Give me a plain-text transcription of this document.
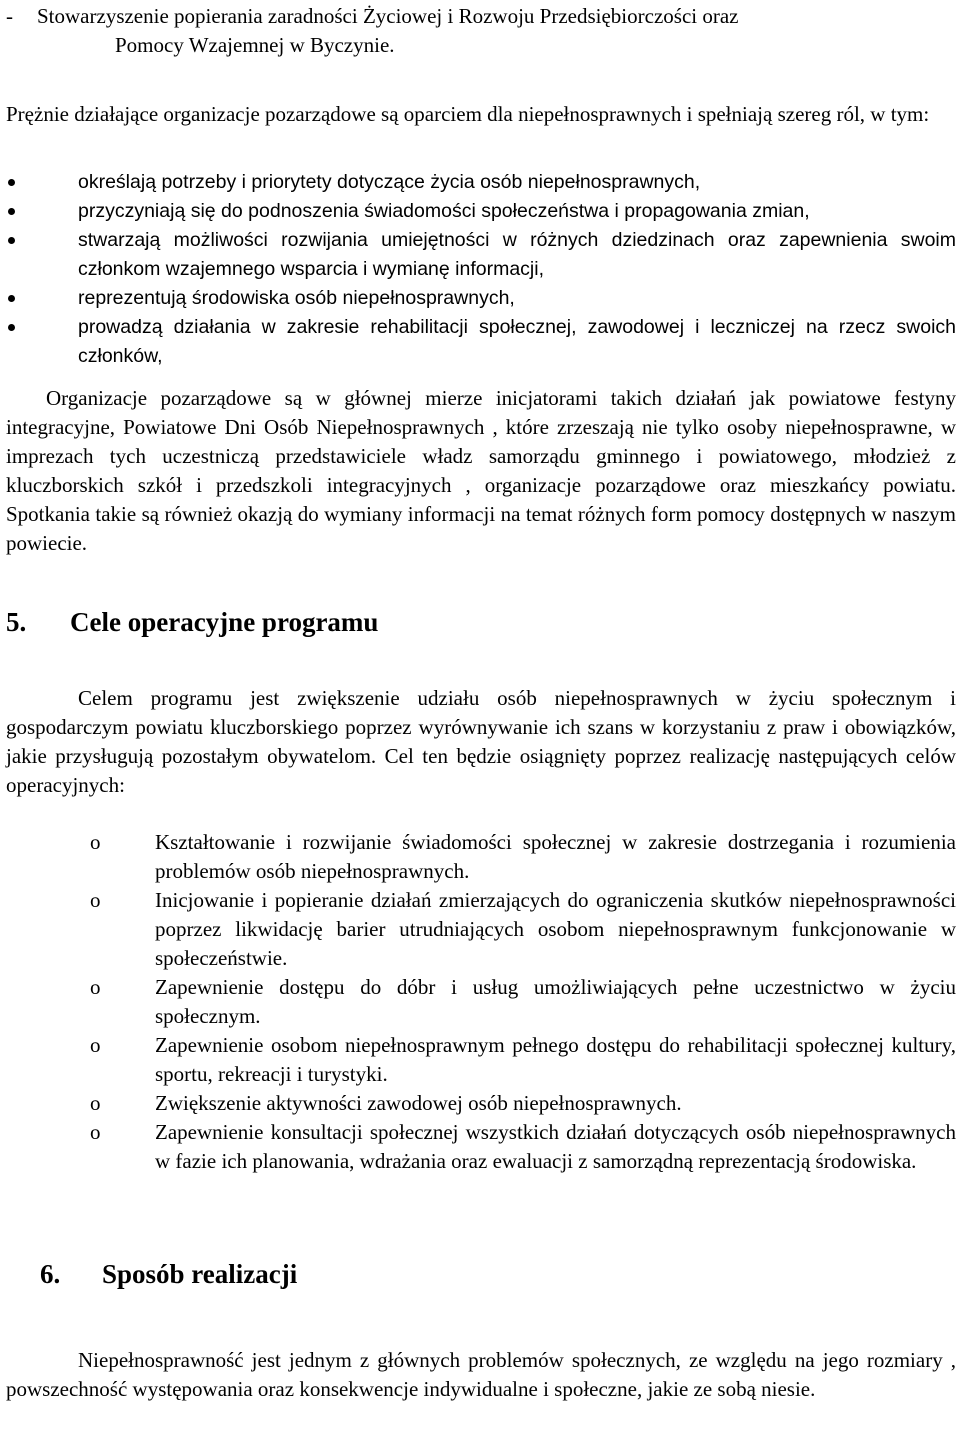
- Stowarzyszenie popierania zaradności Życiowej i Rozwoju Przedsiębiorczości oraz
Pomocy Wzajemnej w Byczynie.
Prężnie działające organizacje pozarządowe są oparciem dla niepełnosprawnych i spełniają szereg ról, w tym:
określają potrzeby i priorytety dotyczące życia osób niepełnosprawnych,
przyczyniają się do podnoszenia świadomości społeczeństwa i propagowania zmian,
stwarzają możliwości rozwijania umiejętności w różnych dziedzinach oraz zapewnienia swoim członkom wzajemnego wsparcia i wymianę informacji,
reprezentują środowiska osób niepełnosprawnych,
prowadzą działania w zakresie rehabilitacji społecznej, zawodowej i leczniczej na rzecz swoich członków,
Organizacje pozarządowe są w głównej mierze inicjatorami takich działań jak powiatowe festyny integracyjne, Powiatowe Dni Osób Niepełnosprawnych , które zrzeszają nie tylko osoby niepełnosprawne, w imprezach tych uczestniczą przedstawiciele władz samorządu gminnego i powiatowego, młodzież z kluczborskich szkół i przedszkoli integracyjnych , organizacje pozarządowe oraz mieszkańcy powiatu. Spotkania takie są również okazją do wymiany informacji na temat różnych form pomocy dostępnych w naszym powiecie.
5. Cele operacyjne programu
Celem programu jest zwiększenie udziału osób niepełnosprawnych w życiu społecznym i gospodarczym powiatu kluczborskiego poprzez wyrównywanie ich szans w korzystaniu z praw i obowiązków, jakie przysługują pozostałym obywatelom. Cel ten będzie osiągnięty poprzez realizację następujących celów operacyjnych:
o	Kształtowanie i rozwijanie świadomości społecznej w zakresie dostrzegania i rozumienia problemów osób niepełnosprawnych.
o	Inicjowanie i popieranie działań zmierzających do ograniczenia skutków niepełnosprawności poprzez likwidację barier utrudniających osobom niepełnosprawnym funkcjonowanie w społeczeństwie.
o	Zapewnienie dostępu do dóbr i usług umożliwiających pełne uczestnictwo w życiu społecznym.
o	Zapewnienie osobom niepełnosprawnym pełnego dostępu do rehabilitacji społecznej kultury, sportu, rekreacji i turystyki.
o	Zwiększenie aktywności zawodowej osób niepełnosprawnych.
o	Zapewnienie konsultacji społecznej wszystkich działań dotyczących osób niepełnosprawnych w fazie ich planowania, wdrażania oraz ewaluacji z samorządną reprezentacją środowiska.
6. Sposób realizacji
Niepełnosprawność jest jednym z głównych problemów społecznych, ze względu na jego rozmiary , powszechność występowania oraz konsekwencje indywidualne i społeczne, jakie ze sobą niesie.
